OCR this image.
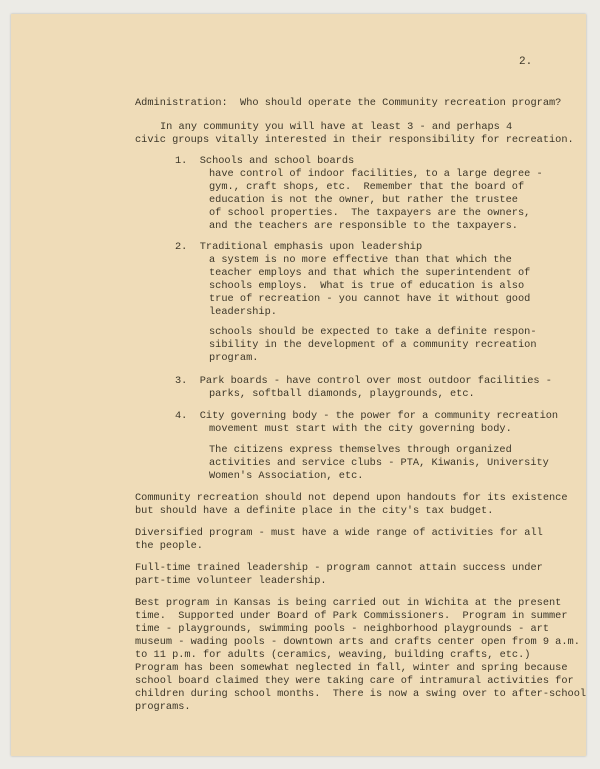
2.
Administration:  Who should operate the Community recreation program?
In any community you will have at least 3 - and perhaps 4
civic groups vitally interested in their responsibility for recreation.
1.  Schools and school boards
have control of indoor facilities, to a large degree -
gym., craft shops, etc.  Remember that the board of
education is not the owner, but rather the trustee
of school properties.  The taxpayers are the owners,
and the teachers are responsible to the taxpayers.
2.  Traditional emphasis upon leadership
a system is no more effective than that which the
teacher employs and that which the superintendent of
schools employs.  What is true of education is also
true of recreation - you cannot have it without good
leadership.
schools should be expected to take a definite respon-
sibility in the development of a community recreation
program.
3.  Park boards - have control over most outdoor facilities -
parks, softball diamonds, playgrounds, etc.
4.  City governing body - the power for a community recreation
movement must start with the city governing body.
The citizens express themselves through organized
activities and service clubs - PTA, Kiwanis, University
Women's Association, etc.
Community recreation should not depend upon handouts for its existence
but should have a definite place in the city's tax budget.
Diversified program - must have a wide range of activities for all
the people.
Full-time trained leadership - program cannot attain success under
part-time volunteer leadership.
Best program in Kansas is being carried out in Wichita at the present
time.  Supported under Board of Park Commissioners.  Program in summer
time - playgrounds, swimming pools - neighborhood playgrounds - art
museum - wading pools - downtown arts and crafts center open from 9 a.m.
to 11 p.m. for adults (ceramics, weaving, building crafts, etc.)
Program has been somewhat neglected in fall, winter and spring because
school board claimed they were taking care of intramural activities for
children during school months.  There is now a swing over to after-school
programs.
